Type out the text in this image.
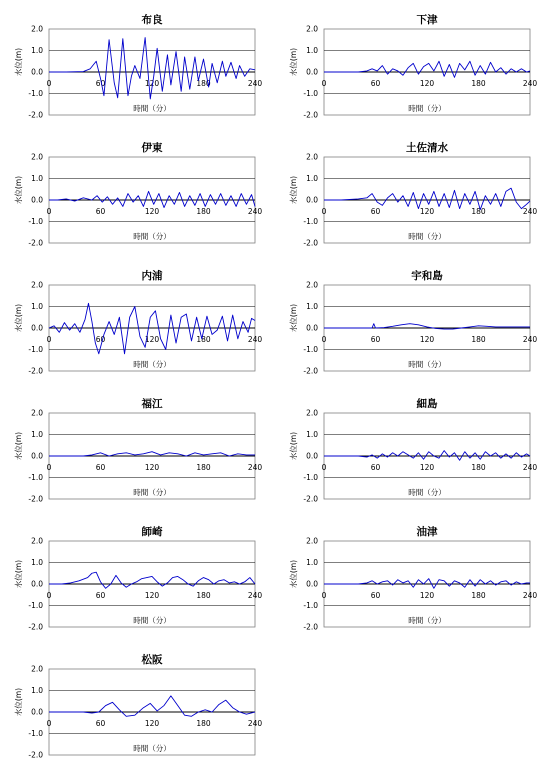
布良
2.0
1.0
0.0
-1.0
-2.0
0	60	120	180	240
時間（分）
水位(m)
下津
2.0
1.0
0.0
-1.0
-2.0
0	60	120	180	240
時間（分）
水位(m)
伊東
2.0
1.0
0.0
-1.0
-2.0
0	60	120	180	240
時間（分）
水位(m)
土佐清水
2.0
1.0
0.0
-1.0
-2.0
0	60	120	180	240
時間（分）
水位(m)
内浦
2.0
1.0
0.0
-1.0
-2.0
0	60	120	180	240
時間（分）
水位(m)
宇和島
2.0
1.0
0.0
-1.0
-2.0
0	60	120	180	240
時間（分）
水位(m)
福江
2.0
1.0
0.0
-1.0
-2.0
0	60	120	180	240
時間（分）
水位(m)
細島
2.0
1.0
0.0
-1.0
-2.0
0	60	120	180	240
時間（分）
水位(m)
師崎
2.0
1.0
0.0
-1.0
-2.0
0	60	120	180	240
時間（分）
水位(m)
油津
2.0
1.0
0.0
-1.0
-2.0
0	60	120	180	240
時間（分）
水位(m)
松阪
2.0
1.0
0.0
-1.0
-2.0
0	60	120	180	240
時間（分）
水位(m)
